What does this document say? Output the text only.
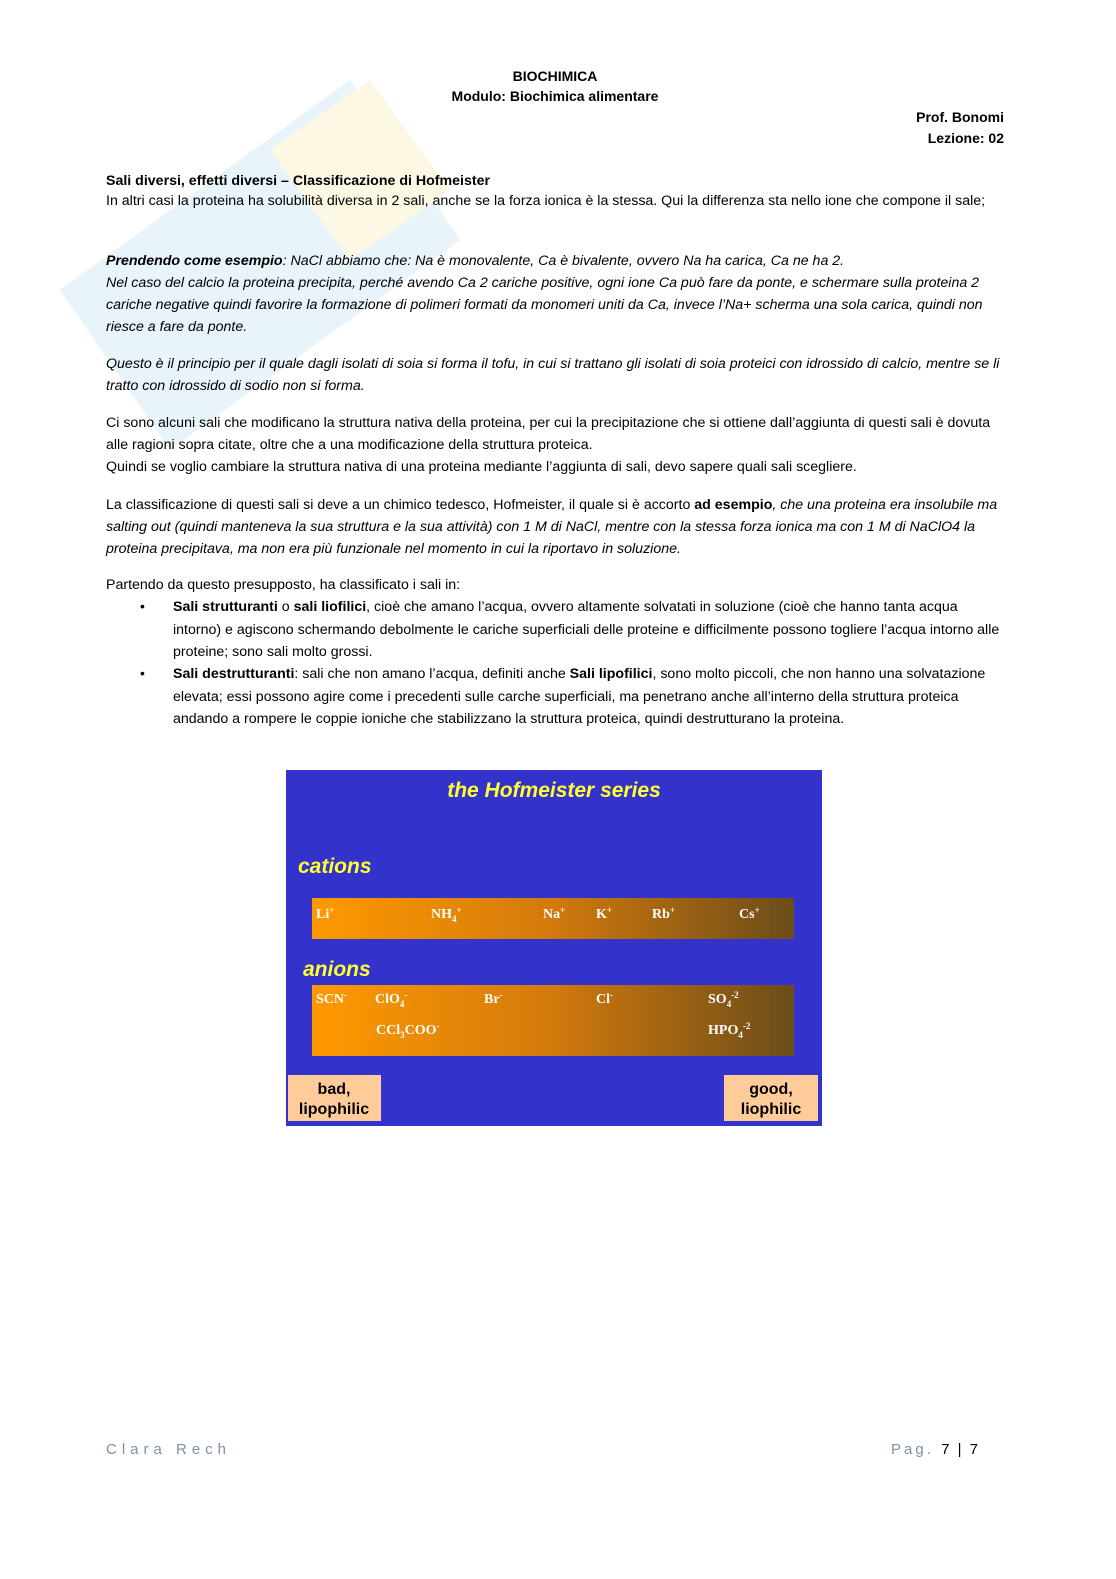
BIOCHIMICA
Modulo: Biochimica alimentare
Prof. Bonomi
Lezione: 02
Sali diversi, effetti diversi – Classificazione di Hofmeister
In altri casi la proteina ha solubilità diversa in 2 sali, anche se la forza ionica è la stessa. Qui la differenza sta nello ione che compone il sale;
Prendendo come esempio: NaCl abbiamo che: Na è monovalente, Ca è bivalente, ovvero Na ha carica, Ca ne ha 2.
Nel caso del calcio la proteina precipita, perché avendo Ca 2 cariche positive, ogni ione Ca può fare da ponte, e schermare sulla proteina 2 cariche negative quindi favorire la formazione di polimeri formati da monomeri uniti da Ca, invece l’Na+ scherma una sola carica, quindi non riesce a fare da ponte.
Questo è il principio per il quale dagli isolati di soia si forma il tofu, in cui si trattano gli isolati di soia proteici con idrossido di calcio, mentre se li tratto con idrossido di sodio non si forma.
Ci sono alcuni sali che modificano la struttura nativa della proteina, per cui la precipitazione che si ottiene dall’aggiunta di questi sali è dovuta alle ragioni sopra citate, oltre che a una modificazione della struttura proteica.
Quindi se voglio cambiare la struttura nativa di una proteina mediante l’aggiunta di sali, devo sapere quali sali scegliere.
La classificazione di questi sali si deve a un chimico tedesco, Hofmeister, il quale si è accorto ad esempio, che una proteina era insolubile ma salting out (quindi manteneva la sua struttura e la sua attività) con 1 M di NaCl, mentre con la stessa forza ionica ma con 1 M di NaClO4 la proteina precipitava, ma non era più funzionale nel momento in cui la riportavo in soluzione.
Partendo da questo presupposto, ha classificato i sali in:
• Sali strutturanti o sali liofilici, cioè che amano l’acqua, ovvero altamente solvatati in soluzione (cioè che hanno tanta acqua intorno) e agiscono schermando debolmente le cariche superficiali delle proteine e difficilmente possono togliere l’acqua intorno alle proteine; sono sali molto grossi.
• Sali destrutturanti: sali che non amano l’acqua, definiti anche Sali lipofilici, sono molto piccoli, che non hanno una solvatazione elevata; essi possono agire come i precedenti sulle carche superficiali, ma penetrano anche all’interno della struttura proteica andando a rompere le coppie ioniche che stabilizzano la struttura proteica, quindi destrutturano la proteina.
the Hofmeister series
cations
Li+	$NH_4^+$	Na+ K+	Rb+	Cs+
anions
SCN- ClO$_4$-	Br-	Cl-	$SO_4^{-2}$
CCl$_3$COO-	$HPO_4^{-2}$
bad,
lipophilic
good,
liophilic
Clara Rech	Pag. 7 | 7
